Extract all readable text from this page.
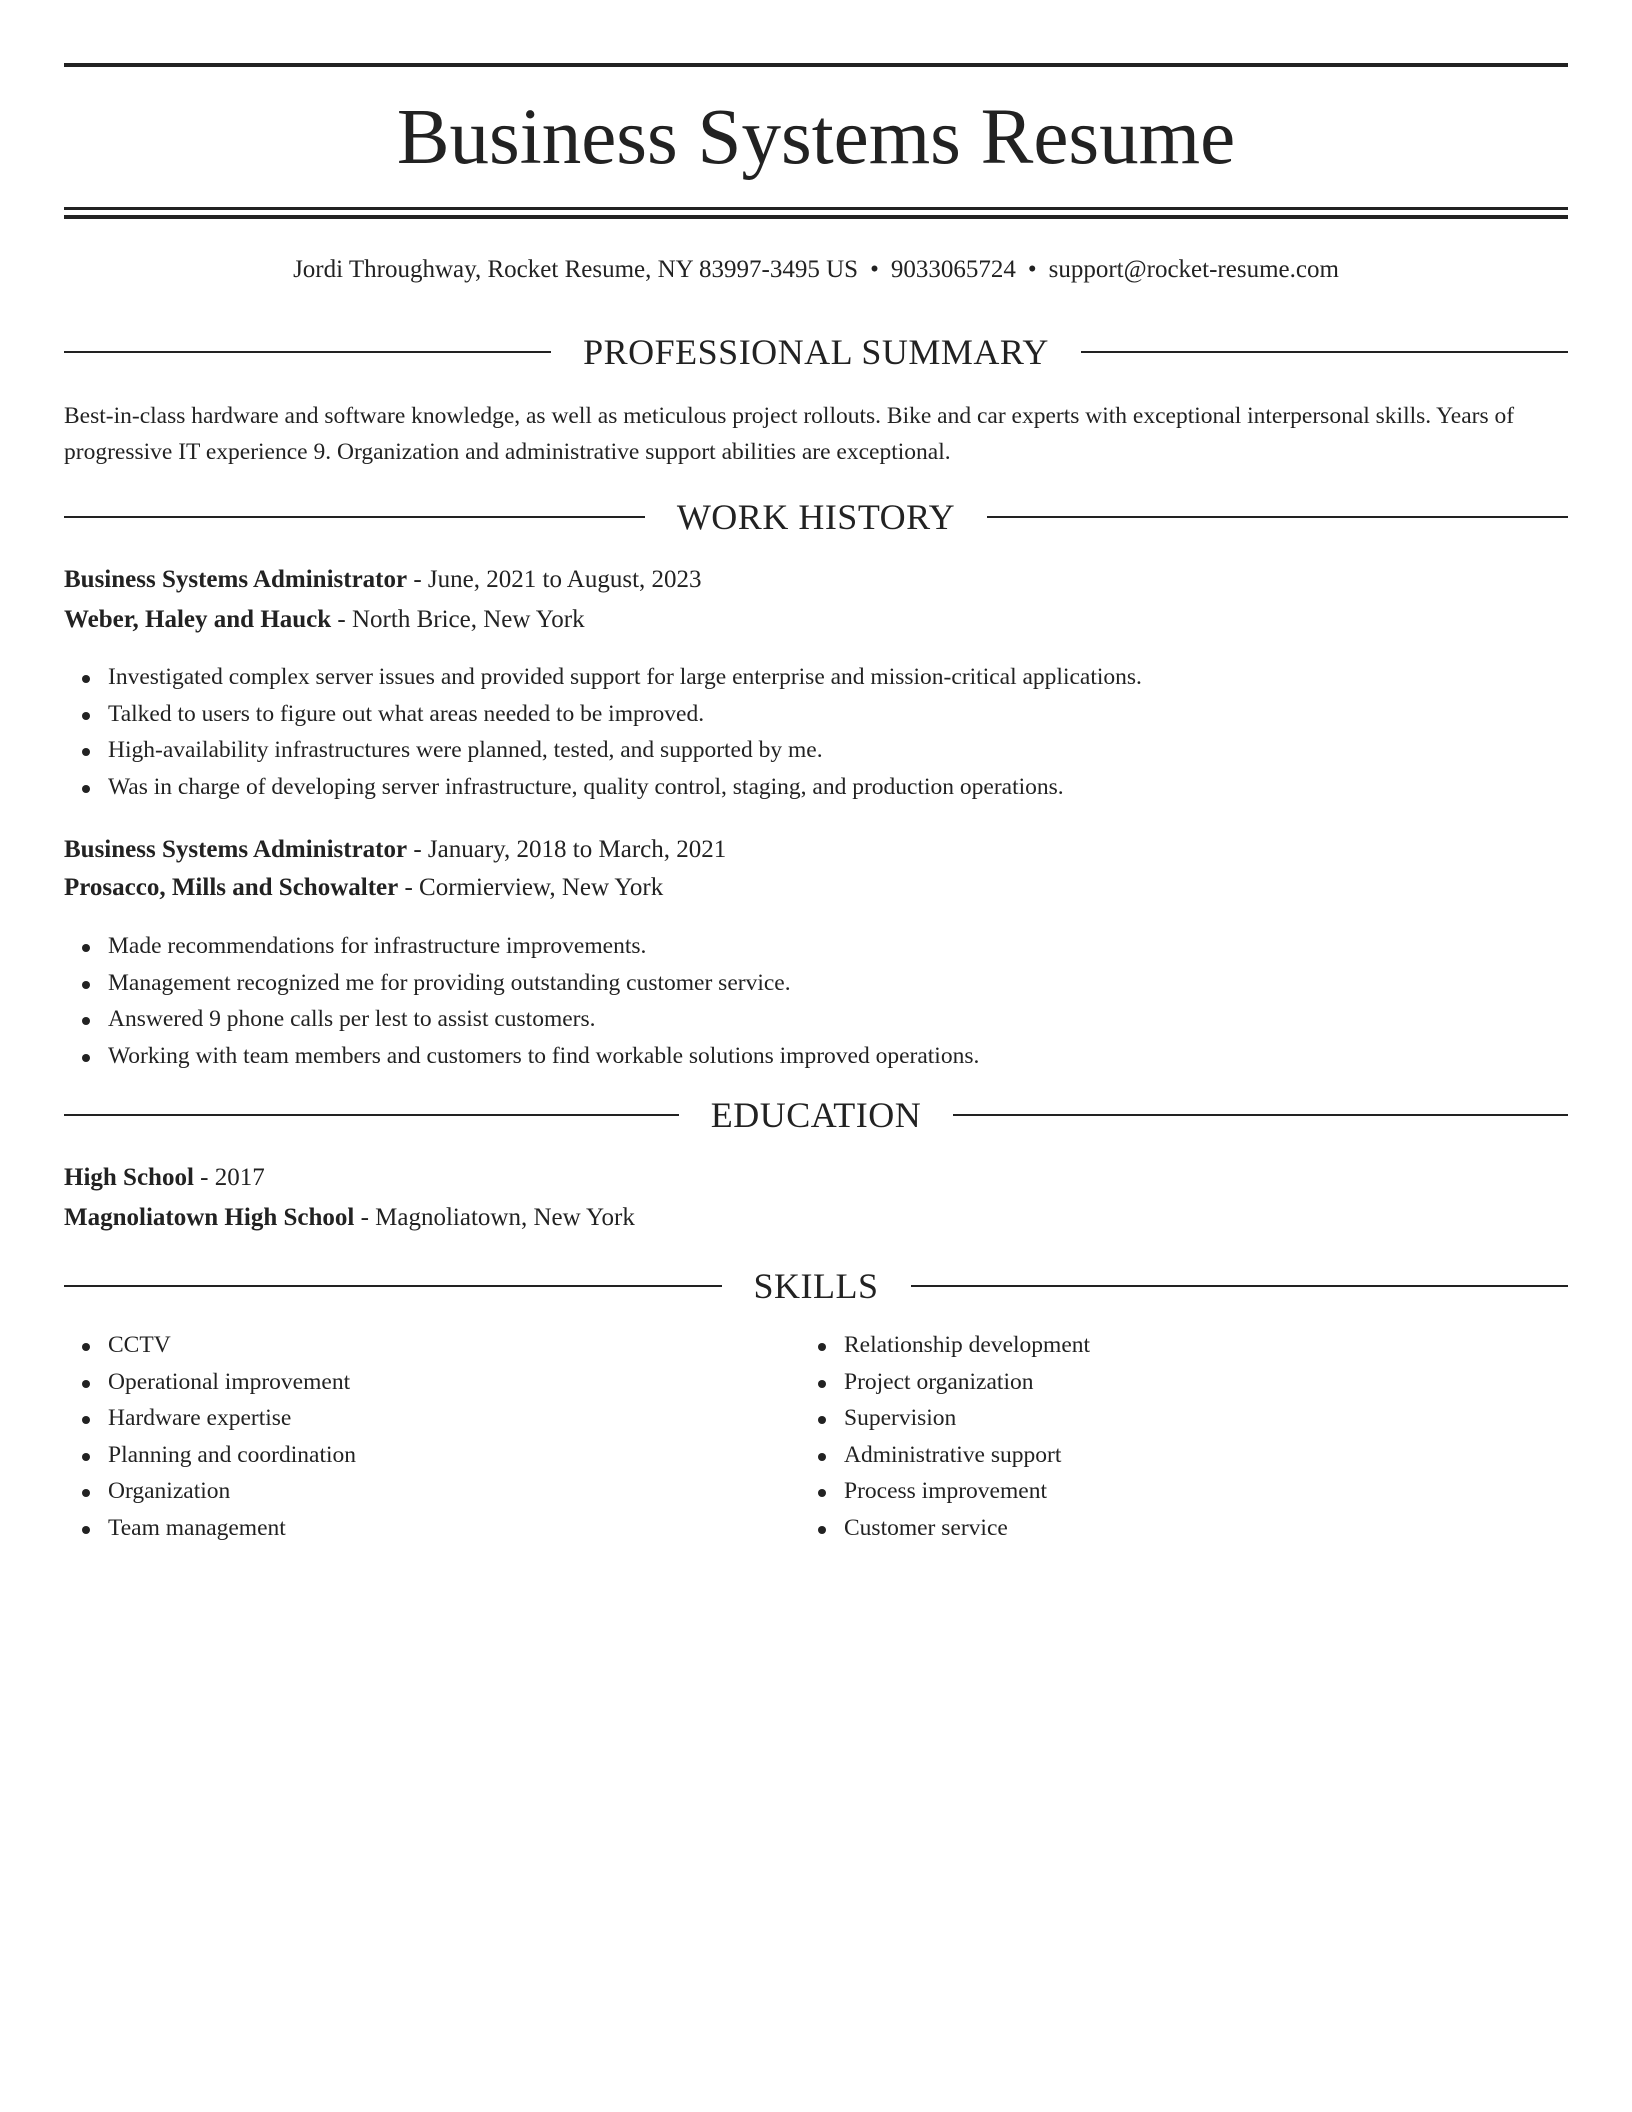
Business Systems Resume
Jordi Throughway, Rocket Resume, NY 83997-3495 US • 9033065724 • support@rocket-resume.com
PROFESSIONAL SUMMARY

Best-in-class hardware and software knowledge, as well as meticulous project rollouts. Bike and car experts with exceptional interpersonal skills. Years of progressive IT experience 9. Organization and administrative support abilities are exceptional.

WORK HISTORY
Business Systems Administrator - June, 2021 to August, 2023
Weber, Haley and Hauck - North Brice, New York
Investigated complex server issues and provided support for large enterprise and mission-critical applications.
Talked to users to figure out what areas needed to be improved.
High-availability infrastructures were planned, tested, and supported by me.
Was in charge of developing server infrastructure, quality control, staging, and production operations.
Business Systems Administrator - January, 2018 to March, 2021
Prosacco, Mills and Schowalter - Cormierview, New York
Made recommendations for infrastructure improvements.
Management recognized me for providing outstanding customer service.
Answered 9 phone calls per lest to assist customers.
Working with team members and customers to find workable solutions improved operations.
EDUCATION
High School - 2017
Magnoliatown High School - Magnoliatown, New York
SKILLS
CCTV
Operational improvement
Hardware expertise
Planning and coordination
Organization
Team management
Relationship development
Project organization
Supervision
Administrative support
Process improvement
Customer service
